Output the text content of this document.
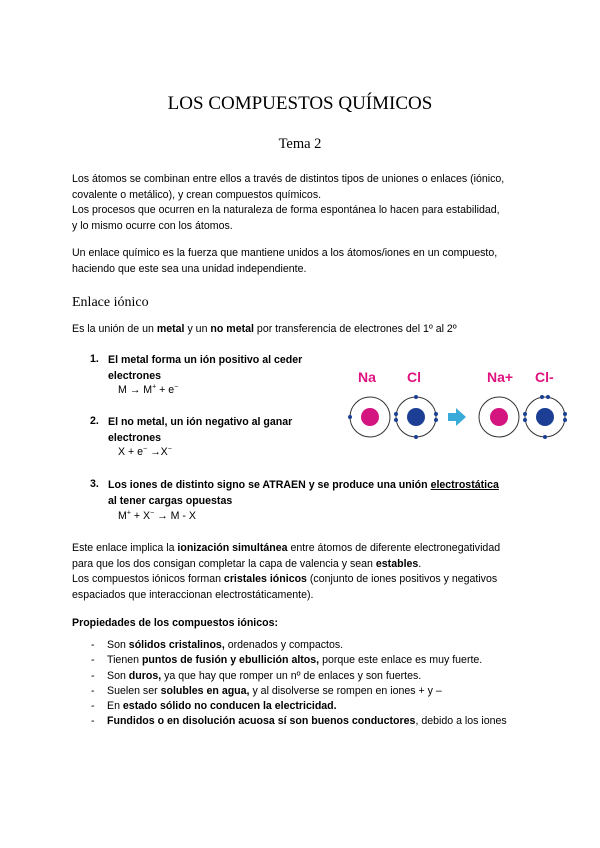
LOS COMPUESTOS QUÍMICOS
Tema 2
Los átomos se combinan entre ellos a través de distintos tipos de uniones o enlaces (iónico,
covalente o metálico), y crean compuestos químicos.
Los procesos que ocurren en la naturaleza de forma espontánea lo hacen para estabilidad,
y lo mismo ocurre con los átomos.
Un enlace químico es la fuerza que mantiene unidos a los átomos/iones en un compuesto,
haciendo que este sea una unidad independiente.
Enlace iónico
Es la unión de un metal y un no metal por transferencia de electrones del 1º al 2º
1. El metal forma un ión positivo al ceder
electrones
M → M+ + e−
2. El no metal, un ión negativo al ganar
electrones
X + e− →X−
3. Los iones de distinto signo se ATRAEN y se produce una unión electrostática
al tener cargas opuestas
M+ + X− → M - X
Na Cl	Na+ Cl-
Este enlace implica la ionización simultánea entre átomos de diferente electronegatividad
para que los dos consigan completar la capa de valencia y sean estables.
Los compuestos iónicos forman cristales iónicos (conjunto de iones positivos y negativos
espaciados que interaccionan electrostáticamente).
Propiedades de los compuestos iónicos:
- Son sólidos cristalinos, ordenados y compactos.
- Tienen puntos de fusión y ebullición altos, porque este enlace es muy fuerte.
- Son duros, ya que hay que romper un nº de enlaces y son fuertes.
- Suelen ser solubles en agua, y al disolverse se rompen en iones + y –
- En estado sólido no conducen la electricidad.
- Fundidos o en disolución acuosa sí son buenos conductores, debido a los iones
